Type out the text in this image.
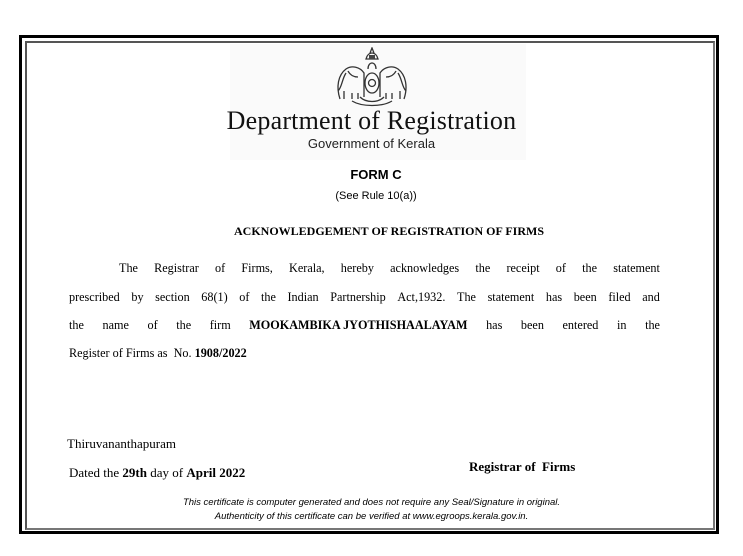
Department of Registration
Government of Kerala
FORM C
(See Rule 10(a))
ACKNOWLEDGEMENT OF REGISTRATION OF FIRMS
The Registrar of Firms, Kerala, hereby acknowledges the receipt of the statement
prescribed by section 68(1) of the Indian Partnership Act,1932. The statement has been filed and
the name of the firm MOOKAMBIKA JYOTHISHAALAYAM has been entered in the
Register of Firms as  No. 1908/2022
Thiruvananthapuram
Dated the 29th day of April 2022	Registrar of  Firms
This certificate is computer generated and does not require any Seal/Signature in original.
Authenticity of this certificate can be verified at www.egroops.kerala.gov.in.
